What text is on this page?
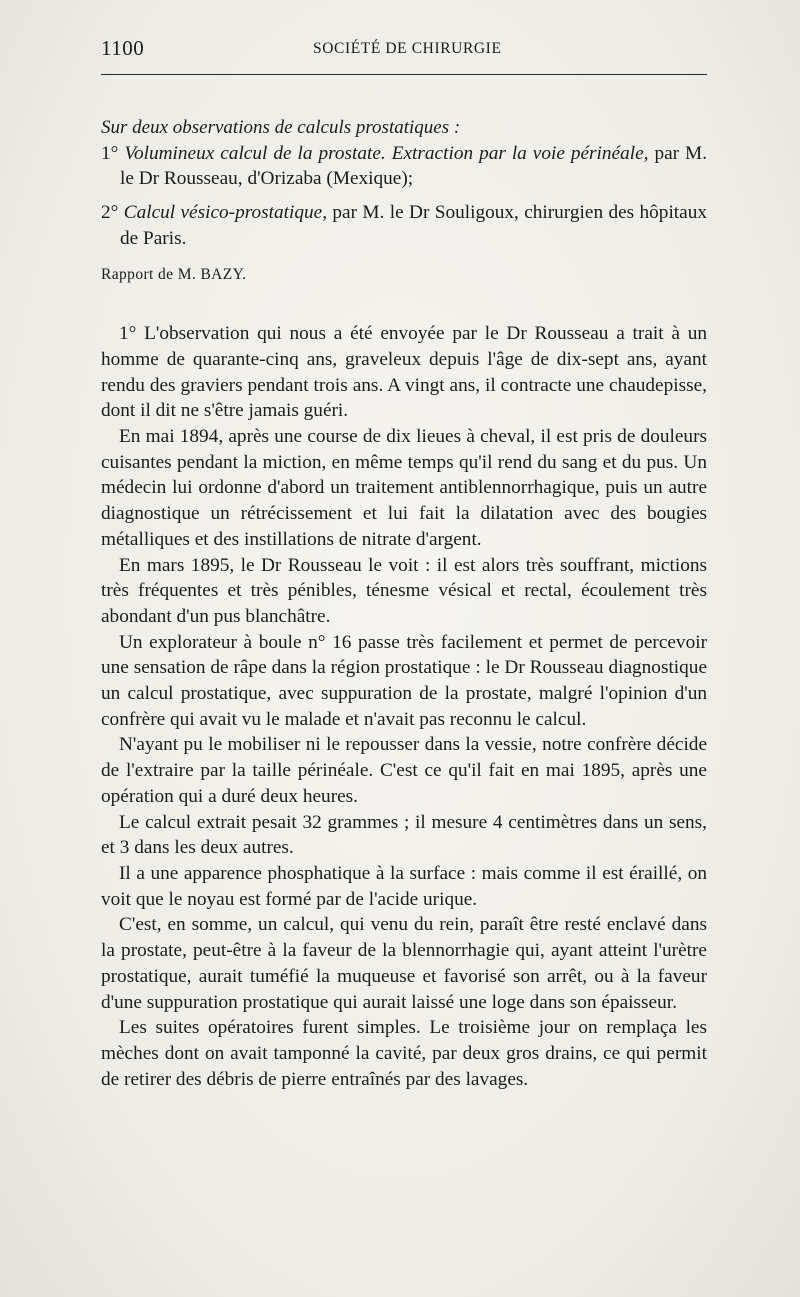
1100	SOCIÉTÉ DE CHIRURGIE

Sur deux observations de calculs prostatiques :

1° Volumineux calcul de la prostate. Extraction par la voie périnéale, par M. le Dr Rousseau, d'Orizaba (Mexique);

2° Calcul vésico-prostatique, par M. le Dr Souligoux, chirurgien des hôpitaux de Paris.

Rapport de M. BAZY.

1° L'observation qui nous a été envoyée par le Dr Rousseau a trait à un homme de quarante-cinq ans, graveleux depuis l'âge de dix-sept ans, ayant rendu des graviers pendant trois ans. A vingt ans, il contracte une chaudepisse, dont il dit ne s'être jamais guéri.

En mai 1894, après une course de dix lieues à cheval, il est pris de douleurs cuisantes pendant la miction, en même temps qu'il rend du sang et du pus. Un médecin lui ordonne d'abord un traitement antiblennorrhagique, puis un autre diagnostique un rétrécissement et lui fait la dilatation avec des bougies métalliques et des instillations de nitrate d'argent.

En mars 1895, le Dr Rousseau le voit : il est alors très souffrant, mictions très fréquentes et très pénibles, ténesme vésical et rectal, écoulement très abondant d'un pus blanchâtre.

Un explorateur à boule n° 16 passe très facilement et permet de percevoir une sensation de râpe dans la région prostatique : le Dr Rousseau diagnostique un calcul prostatique, avec suppuration de la prostate, malgré l'opinion d'un confrère qui avait vu le malade et n'avait pas reconnu le calcul.

N'ayant pu le mobiliser ni le repousser dans la vessie, notre confrère décide de l'extraire par la taille périnéale. C'est ce qu'il fait en mai 1895, après une opération qui a duré deux heures.

Le calcul extrait pesait 32 grammes ; il mesure 4 centimètres dans un sens, et 3 dans les deux autres.

Il a une apparence phosphatique à la surface : mais comme il est éraillé, on voit que le noyau est formé par de l'acide urique.

C'est, en somme, un calcul, qui venu du rein, paraît être resté enclavé dans la prostate, peut-être à la faveur de la blennorrhagie qui, ayant atteint l'urètre prostatique, aurait tuméfié la muqueuse et favorisé son arrêt, ou à la faveur d'une suppuration prostatique qui aurait laissé une loge dans son épaisseur.

Les suites opératoires furent simples. Le troisième jour on remplaça les mèches dont on avait tamponné la cavité, par deux gros drains, ce qui permit de retirer des débris de pierre entraînés par des lavages.
